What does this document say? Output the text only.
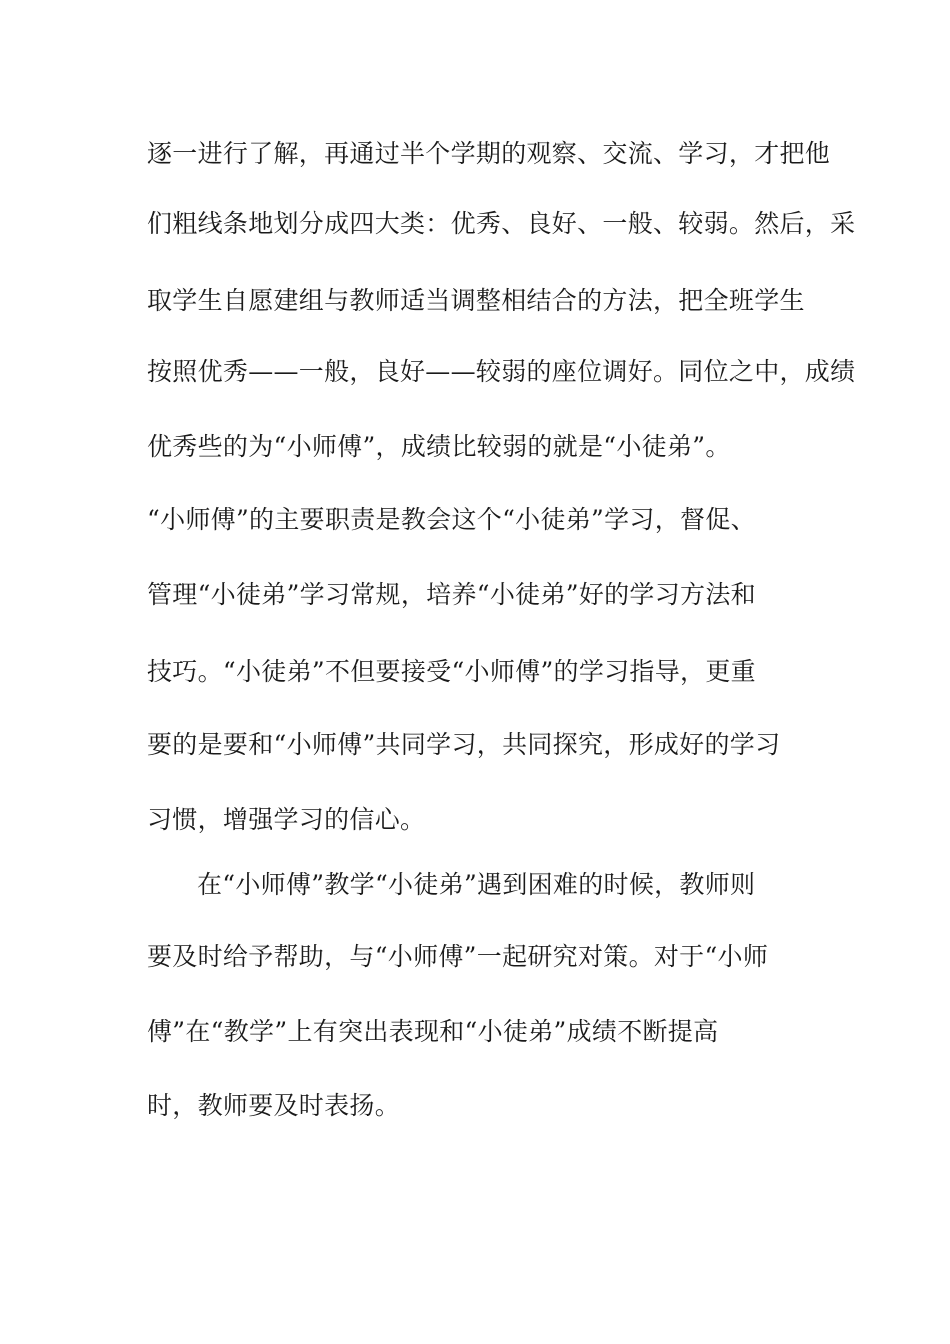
逐一进行了解，再通过半个学期的观察、交流、学习，才把他
们粗线条地划分成四大类：优秀、良好、一般、较弱。然后，采
取学生自愿建组与教师适当调整相结合的方法，把全班学生
按照优秀——一般，良好——较弱的座位调好。同位之中，成绩
优秀些的为“小师傅”，成绩比较弱的就是“小徒弟”。
“小师傅”的主要职责是教会这个“小徒弟”学习，督促、
管理“小徒弟”学习常规，培养“小徒弟”好的学习方法和
技巧。“小徒弟”不但要接受“小师傅”的学习指导，更重
要的是要和“小师傅”共同学习，共同探究，形成好的学习
习惯，增强学习的信心。
在“小师傅”教学“小徒弟”遇到困难的时候，教师则
要及时给予帮助，与“小师傅”一起研究对策。对于“小师
傅”在“教学”上有突出表现和“小徒弟”成绩不断提高
时，教师要及时表扬。
